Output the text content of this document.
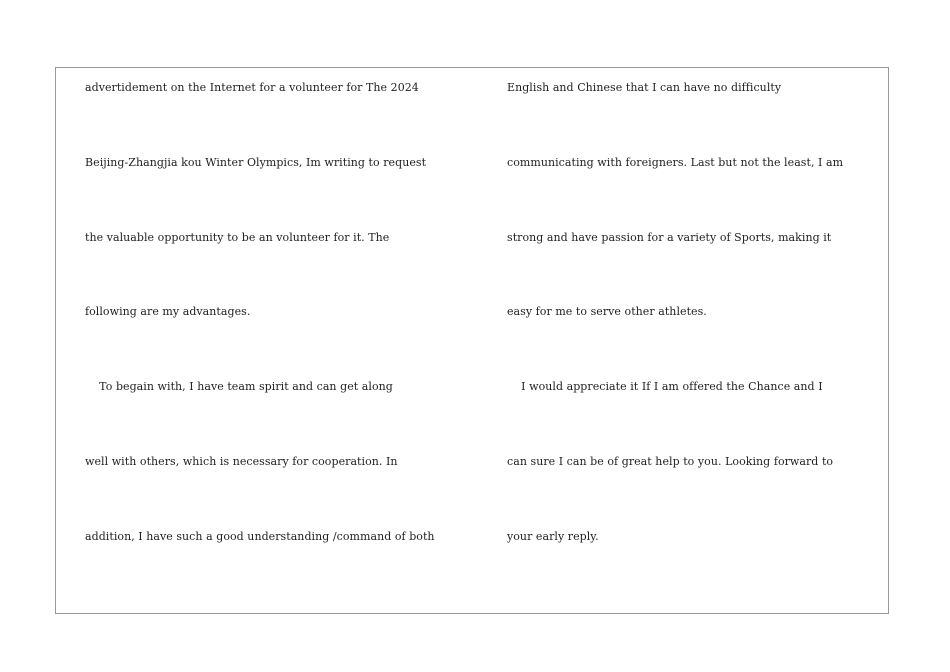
advertidement on the Internet for a volunteer for The 2024
Beijing-Zhangjia kou Winter Olympics, Im writing to request
the valuable opportunity to be an volunteer for it. The
following are my advantages.
To begain with, I have team spirit and can get along
well with others, which is necessary for cooperation. In
addition, I have such a good understanding /command of both
English and Chinese that I can have no difficulty
communicating with foreigners. Last but not the least, I am
strong and have passion for a variety of Sports, making it
easy for me to serve other athletes.
I would appreciate it If I am offered the Chance and I
can sure I can be of great help to you. Looking forward to
your early reply.
